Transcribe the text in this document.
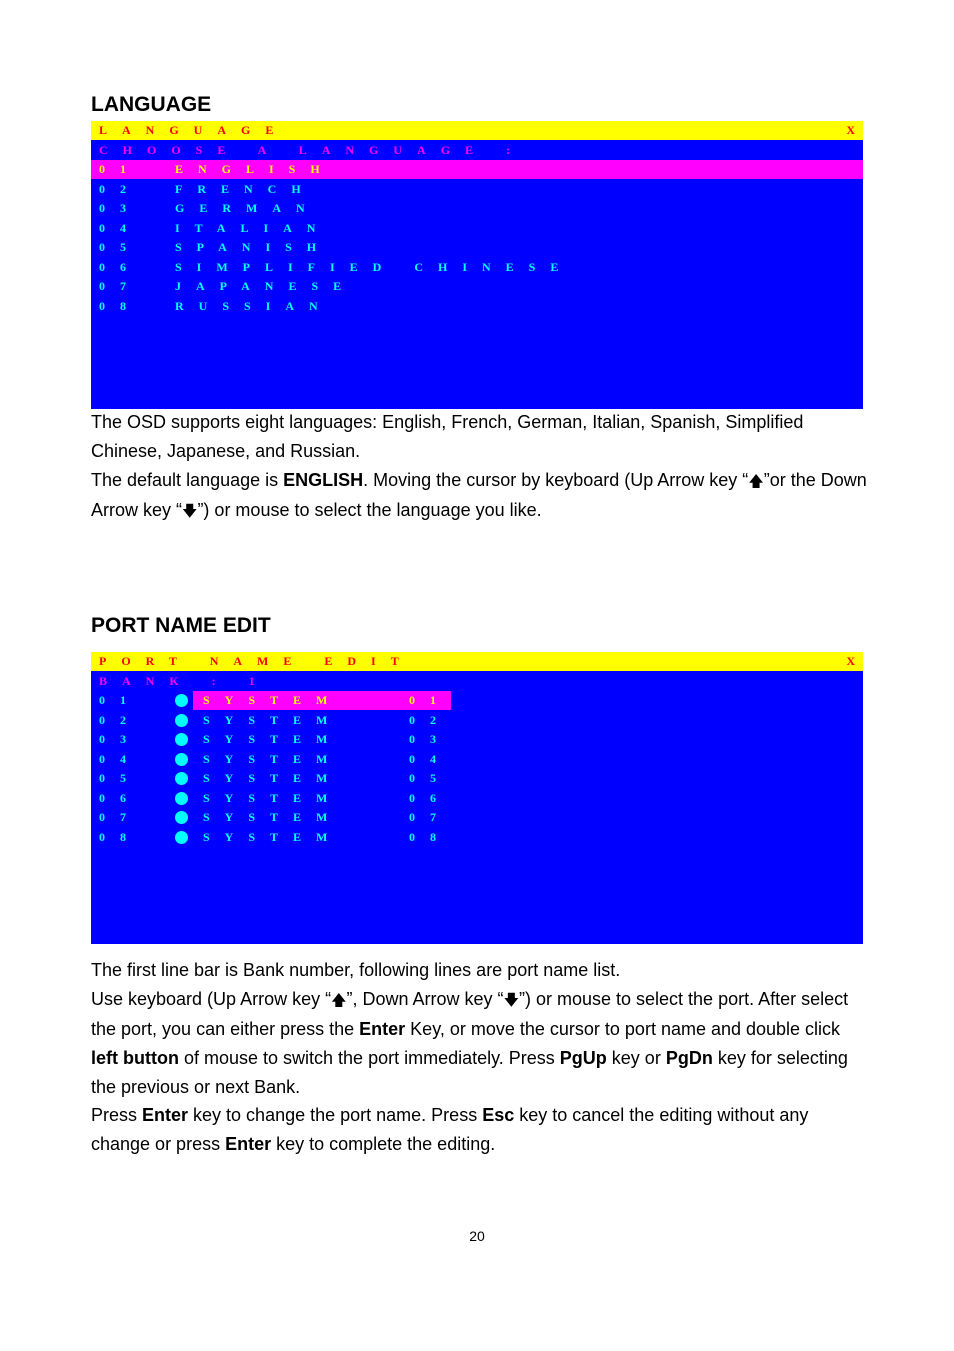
LANGUAGE
LANGUAGE	X
CHOOSE A LANGUAGE :
01	ENGLISH
02	FRENCH
03	GERMAN
04	ITALIAN
05	SPANISH
06	SIMPLIFIED CHINESE
07	JAPANESE
08	RUSSIAN

The OSD supports eight languages: English, French, German, Italian, Spanish, Simplified Chinese, Japanese, and Russian.

The default language is ENGLISH. Moving the cursor by keyboard (Up Arrow key “🡅”or the Down Arrow key “🡇”) or mouse to select the language you like.

PORT NAME EDIT
PORT NAME EDIT	X
BANK : 1
01	SYSTEM	01
02	SYSTEM	02
03	SYSTEM	03
04	SYSTEM	04
05	SYSTEM	05
06	SYSTEM	06
07	SYSTEM	07
08	SYSTEM	08

The first line bar is Bank number, following lines are port name list.

Use keyboard (Up Arrow key “🡅”, Down Arrow key “🡇”) or mouse to select the port. After select the port, you can either press the Enter Key, or move the cursor to port name and double click left button of mouse to switch the port immediately. Press PgUp key or PgDn key for selecting the previous or next Bank.

Press Enter key to change the port name. Press Esc key to cancel the editing without any change or press Enter key to complete the editing.

20
